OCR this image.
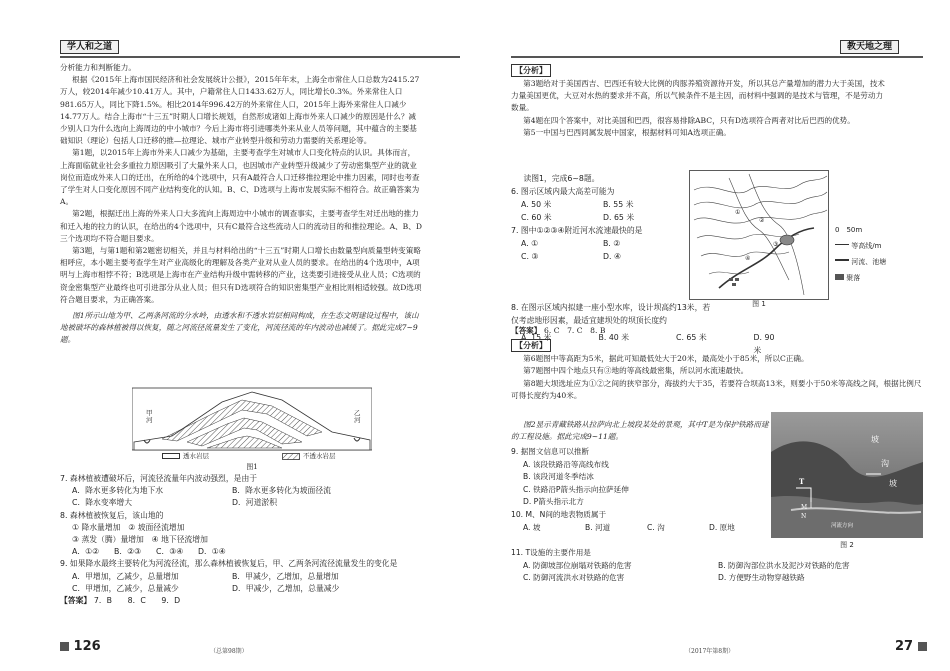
学人和之道

分析能力和判断能力。

根据《2015年上海市国民经济和社会发展统计公报》，2015年年末，上海全市常住人口总数为2415.27万人，较2014年减少10.41万人。其中，户籍常住人口1433.62万人，同比增长0.3%。外来常住人口981.65万人，同比下降1.5%。相比2014年996.42万的外来常住人口，2015年上海外来常住人口减少14.77万人。结合上海市“十三五”时期人口增长规划，自然形成诸如上海市外来人口减少的原因是什么？减少别人口为什么选向上海周边的中小城市？今后上海市将引进哪类外来从业人员等问题，其中蕴含的主要基础知识（理论）包括人口迁移的推—拉理论、城市产业转型升级和劳动力需要的关系理论等。

第1题，以2015年上海市外来人口减少为基础，主要考查学生对城市人口变化特点的认识。具体而言，上海面临就业社会多重拉力原因吸引了大量外来人口，也因城市产业转型升级减少了劳动密集型产业的就业岗位而造成外来人口的迁出，在所给的4个选项中，只有A最符合人口迁移推拉理论中推力因素，同时也考查了学生对人口变化原因不同产业结构变化的认知。B、C、D选项与上海市发展实际不相符合。故正确答案为A。

第2题，根据迁出上海的外来人口大多流向上海周边中小城市的调查事实，主要考查学生对迁出地的推力和迁入地的拉力的认识，在给出的4个选项中，只有C最符合这些流动人口的流动目的和推拉理论。A、B、D三个选项均不符合题目要求。

第3题，与第1题和第2题密切相关，并且与材料给出的“十三五”时期人口增长由数量型向质量型转变策略相呼应，本小题主要考查学生对产业高级化的理解及各类产业对从业人员的要求。在给出的4个选项中，A项明与上海市相悖不符；B选项是上海市在产业结构升级中需转移的产业，这类要引进接受从业人员；C选项的资金密集型产业最终也可引进部分从业人员；但只有D选项符合的知识密集型产业相比则相适较强。故D选项符合题目要求，为正确答案。

图1所示山地为甲、乙两条河流的分水岭，由透水和不透水岩层相间构成，在生态文明建设过程中，该山地被破坏的森林植被得以恢复，随之河流径流量发生了变化，河流径流的年内波动也减缓了。据此完成7~9题。

甲河
乙河
透水岩层	不透水岩层
图1
7. 森林植被遭破坏后，河流径流量年内波动强烈，是由于
A．降水更多转化为地下水	B．降水更多转化为坡面径流
C．降水变率增大	D．河道淤积
8. 森林植被恢复后，该山地的
① 降水量增加　② 坡面径流增加
③ 蒸发（腾）量增加　④ 地下径流增加
A．①②	B．②③	C．③④	D．①④
9. 如果降水最终主要转化为河流径流，那么森林植被恢复后，甲、乙两条河流径流量发生的变化是
A．甲增加，乙减少，总量增加	B．甲减少，乙增加，总量增加
C．甲增加，乙减少，总量减少	D．甲减少，乙增加，总量减少
【答案】 7．B　　8．C　　9．D
126	（总第98期）
教天地之理
【分析】

第3题给对于美国西吉、巴西还有较大比例的肉豚养殖资源待开发，所以其总产量增加的潜力大于美国，技术力量美国更优，大豆对水热的要求并不高，所以气候条件不是主因，而材料中强调的是技术与管理，不是劳动力数量。

第4题在四个答案中，对比美国和巴西，很容易排除ABC，只有D选项符合两者对比后巴西的优势。

第5一中国与巴西同属发展中国家，根据材料可知A选项正确。

读图1，完成6~8题。

6. 图示区域内最大高差可能为
A. 50 米	B. 55 米
C. 60 米	D. 65 米
7. 图中①②③④附近河水流速最快的是
A. ①	B. ②
C. ③	D. ④
8. 在图示区域内拟建一座小型水库，设计坝高约13米，若仅考虑地形因素，最适宜建坝处的坝顶长度约
A. 15 米	B. 40 米	C. 65 米	D. 90 米
①
②
③
④
0　50m
等高线/m
河流、池塘
聚落
图 1
【答案】 6. C　7. C　8. B
【分析】

第6题图中等高距为5米，据此可知最低处大于20米，最高处小于85米，所以C正确。

第7题图中四个地点只有③地的等高线最密集，所以河水流速最快。

第8题大坝选址应为①②之间的狭窄部分，海拔约大于35，若要符合坝高13米，则要小于50米等高线之间，根据比例尺可得长度约为40米。

图2显示青藏铁路从拉萨向北上坡段某处的景观，其中T是为保护铁路而建的工程设施。据此完成9~11题。

9. 据图文信息可以推断
A. 该段铁路沿等高线布线
B. 该段河道冬季结冰
C. 铁路沿P箭头指示向拉萨延伸
D. P箭头指示北方
10. M、N间的地表物质属于
A. 坡	B. 河道	C. 沟	D. 原地
11. T设施的主要作用是
A. 防御坡部位崩塌对铁路的危害	B. 防御沟部位洪水及泥沙对铁路的危害
C. 防御河流洪水对铁路的危害	D. 方便野生动物穿越铁路
坡
沟
坡
T
M
N
河流方向
图 2
27
（2017年第8期）
